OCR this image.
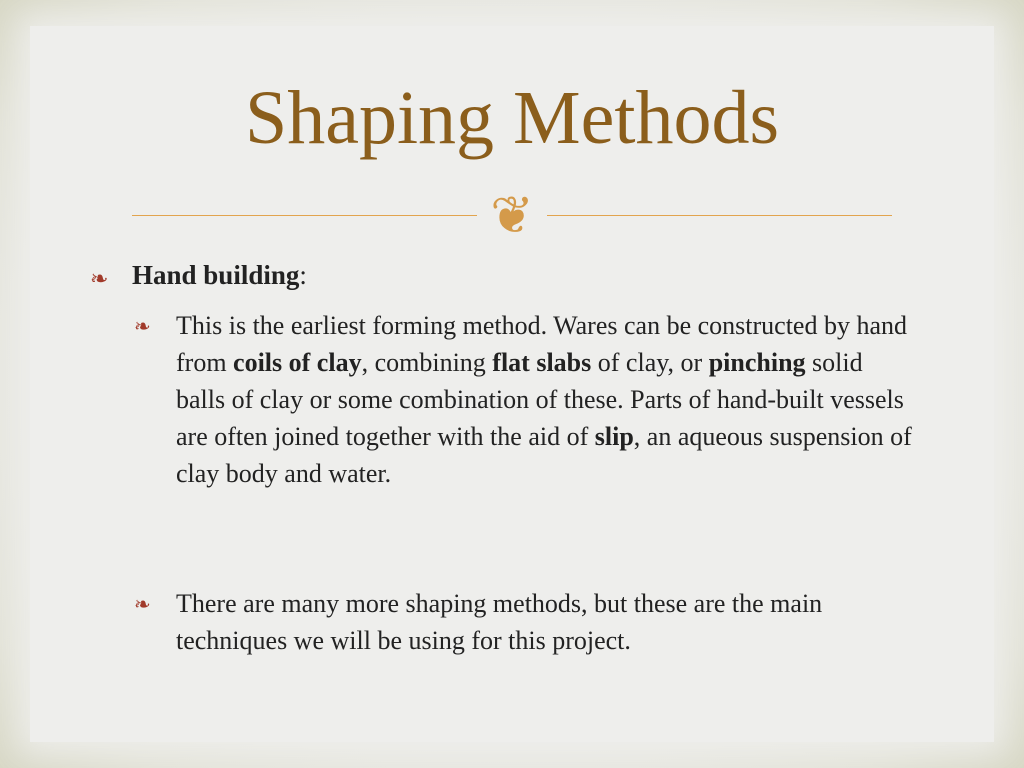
Shaping Methods
❦
❧ Hand building:
❧ This is the earliest forming method. Wares can be constructed by hand from coils of clay, combining flat slabs of clay, or pinching solid balls of clay or some combination of these. Parts of hand-built vessels are often joined together with the aid of slip, an aqueous suspension of clay body and water.
❧ There are many more shaping methods, but these are the main techniques we will be using for this project.
